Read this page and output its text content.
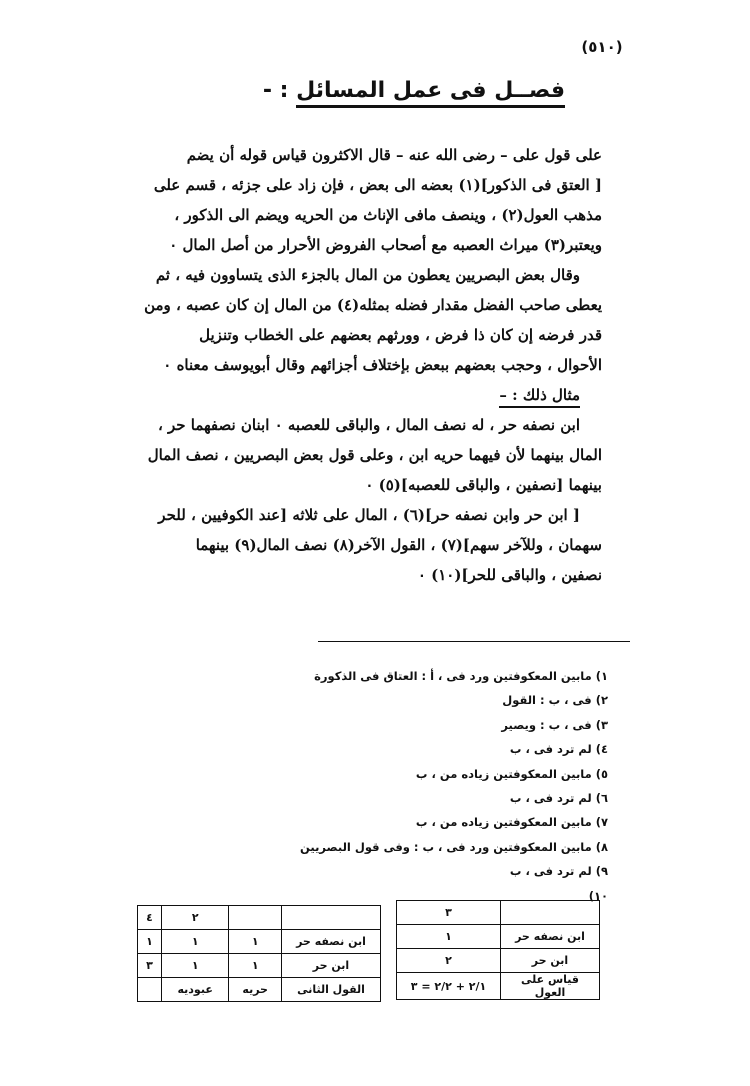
(٥١٠)
فصــل فى عمل المسائل : -
على قول على – رضى الله عنه – قال الاكثرون قياس قوله أن يضم
[ العتق فى الذكور](١) بعضه الى بعض ، فإن زاد على جزئه ، قسم على
مذهب العول(٢) ، وينصف مافى الإناث من الحريه ويضم الى الذكور ،
ويعتبر(٣) ميراث العصبه مع أصحاب الفروض الأحرار من أصل المال ٠
وقال بعض البصريين يعطون من المال بالجزء الذى يتساوون فيه ، ثم
يعطى صاحب الفضل مقدار فضله بمثله(٤) من المال إن كان عصبه ، ومن
قدر فرضه إن كان ذا فرض ، وورثهم بعضهم على الخطاب وتنزيل
الأحوال ، وحجب بعضهم ببعض بإختلاف أجزائهم وقال أبويوسف معناه ٠
مثال ذلك : –
ابن نصفه حر ، له نصف المال ، والباقى للعصبه ٠ ابنان نصفهما حر ،
المال بينهما لأن فيهما حريه ابن ، وعلى قول بعض البصريين ، نصف المال
بينهما [نصفين ، والباقى للعصبه](٥) ٠
[ ابن حر وابن نصفه حر](٦) ، المال على ثلاثه [عند الكوفيين ، للحر
سهمان ، وللآخر سهم](٧) ، القول الآخر(٨) نصف المال(٩) بينهما
نصفين ، والباقى للحر](١٠) ٠
١) مابين المعكوفتين ورد فى ، أ : العتاق فى الذكورة
٢) فى ، ب : القول
٣) فى ، ب : ويصير
٤) لم ترد فى ، ب
٥) مابين المعكوفتين زياده من ، ب
٦) لم ترد فى ، ب
٧) مابين المعكوفتين زياده من ، ب
٨) مابين المعكوفتين ورد فى ، ب : وفى قول البصريين
٩) لم ترد فى ، ب
١٠)
	٣
ابن نصفه حر	١
ابن حر	٢
قياس على العول	٢/١ + ٢/٢ = ٣
		٢	٤
ابن نصفه حر	١	١	١
ابن حر	١	١	٣
القول الثانى	حريه	عبوديه	
